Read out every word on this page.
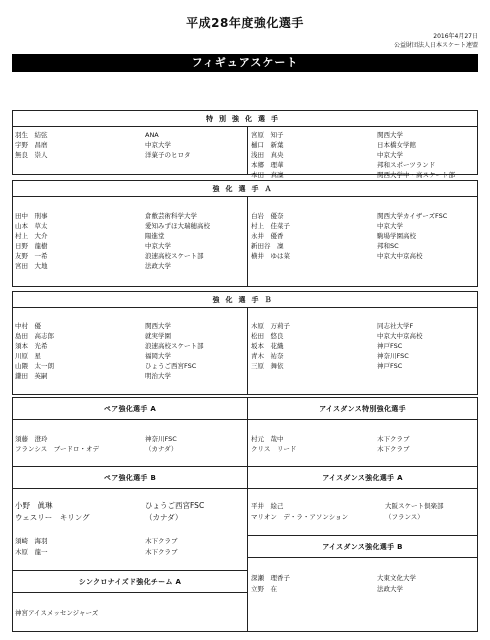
平成28年度強化選手
2016年4月27日
公益財団法人日本スケート連盟
フィギュアスケート
特別強化選手
羽生　結弦	ANA
宇野　昌磨	中京大学
無良　崇人	洋菓子のヒロタ
宮原　知子	関西大学
樋口　新葉	日本橋女学館
浅田　真央	中京大学
本郷　理華	邦和スポーツランド
本田　真凜	関西大学中・高スケート部
強化選手Ａ
田中　刑事	倉敷芸術科学大学
山本　草太	愛知みずほ大瑞穂高校
村上　大介	陽進堂
日野　龍樹	中京大学
友野　一希	浪速高校スケート部
宮田　大地	法政大学
白岩　優奈	関西大学カイザーズFSC
村上　佳菜子	中京大学
永井　優香	駒場学園高校
新田谷　凜	邦和SC
横井　ゆは菜	中京大中京高校
強化選手Ｂ
中村　優	関西大学
島田　高志郎	就実学園
須本　光希	浪速高校スケート部
川原　星	福岡大学
山隈　太一朗	ひょうご西宮FSC
鎌田　英嗣	明治大学
木原　万莉子	同志社大学F
松田　悠良	中京大中京高校
坂本　花織	神戸FSC
青木　祐奈	神奈川FSC
三原　舞依	神戸FSC
ペア強化選手 A
須藤　澄玲	神奈川FSC
フランシス　ブードロ・オデ	（カナダ）
ペア強化選手 B
小野　眞琳	ひょうご西宮FSC
ウェスリー　キリング	（カナダ）
須崎　海羽	木下クラブ
木原　龍一	木下クラブ
シンクロナイズド強化チーム A
神宮アイスメッセンジャーズ
アイスダンス特別強化選手
村元　哉中	木下クラブ
クリス　リード	木下クラブ
アイスダンス強化選手 A
平井　絵己	大阪スケート倶楽部
マリオン　デ・ラ・アソンション	（フランス）
アイスダンス強化選手 B
深瀬　理香子	大東文化大学
立野　在	法政大学
